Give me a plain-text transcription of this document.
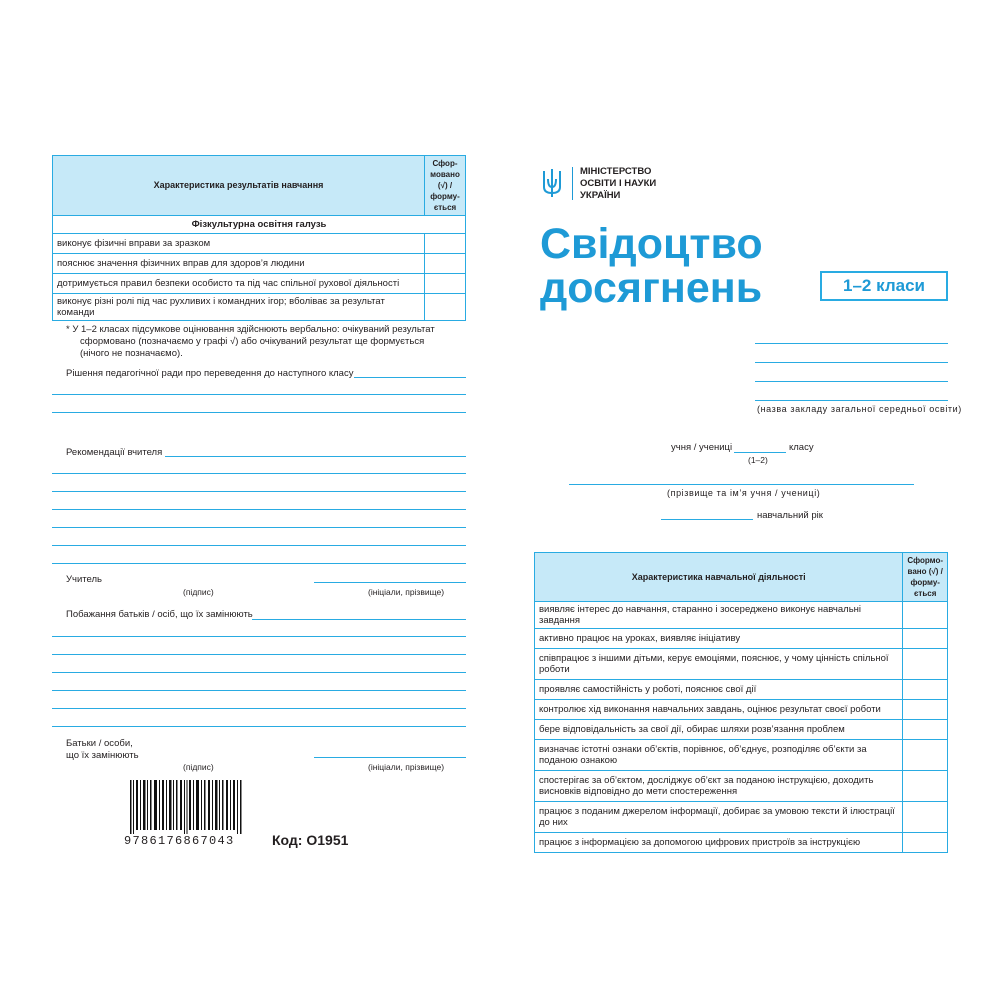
Характеристика результатів навчання	Сфор-мовано (√) / форму-ється
Фізкультурна освітня галузь	
виконує фізичні вправи за зразком	
пояснює значення фізичних вправ для здоров’я людини	
дотримується правил безпеки особисто та під час спільної рухової діяльності	
виконує різні ролі під час рухливих і командних ігор; вболіває за результат команди	
* У 1–2 класах підсумкове оцінювання здійснюють вербально: очікуваний результат
сформовано (позначаємо у графі √) або очікуваний результат ще формується
(нічого не позначаємо).
Рішення педагогічної ради про переведення до наступного класу
Рекомендації вчителя
Учитель
(підпис)	(ініціали, прізвище)
Побажання батьків / осіб, що їх замінюють
Батьки / особи,
що їх замінюють
(підпис)	(ініціали, прізвище)
9786176867043	Код: О1951
МІНІСТЕРСТВО
ОСВІТИ І НАУКИ
УКРАЇНИ
Свідоцтво
досягнень	1–2 класи
(назва закладу загальної середньої освіти)
учня / учениці	класу
(1–2)
(прізвище та ім’я учня / учениці)
навчальний рік
Характеристика навчальної діяльності	Сформо-вано (√) / форму-ється
виявляє інтерес до навчання, старанно і зосереджено виконує навчальні завдання	
активно працює на уроках, виявляє ініціативу	
співпрацює з іншими дітьми, керує емоціями, пояснює, у чому цінність спільної роботи	
проявляє самостійність у роботі, пояснює свої дії	
контролює хід виконання навчальних завдань, оцінює результат своєї роботи	
бере відповідальність за свої дії, обирає шляхи розв’язання проблем	
визначає істотні ознаки об’єктів, порівнює, об’єднує, розподіляє об’єкти за поданою ознакою	
спостерігає за об’єктом, досліджує об’єкт за поданою інструкцією, доходить висновків відповідно до мети спостереження	
працює з поданим джерелом інформації, добирає за умовою тексти й ілюстрації до них	
працює з інформацією за допомогою цифрових пристроїв за інструкцією	
